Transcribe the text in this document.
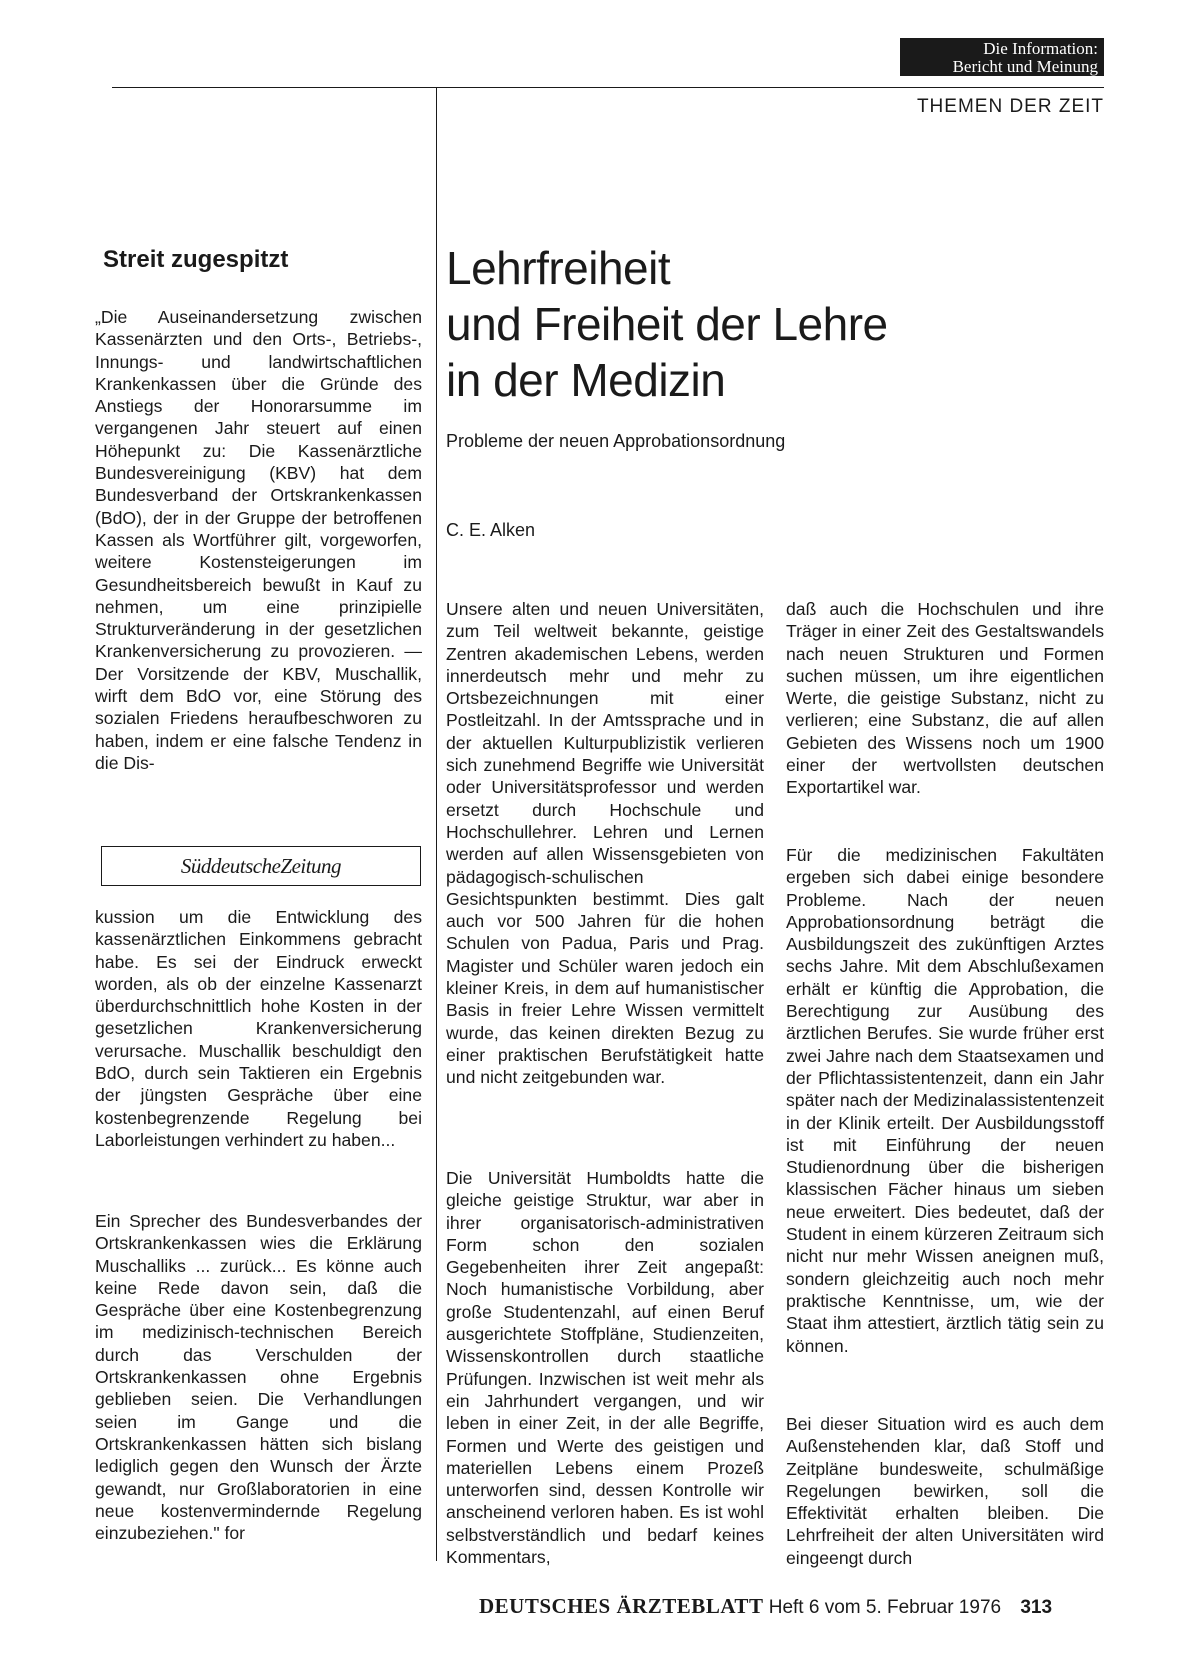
Die Information:
Bericht und Meinung
THEMEN DER ZEIT
Streit zugespitzt

„Die Auseinandersetzung zwischen Kassenärzten und den Orts-, Betriebs-, Innungs- und landwirtschaftlichen Krankenkassen über die Gründe des Anstiegs der Honorarsumme im vergangenen Jahr steuert auf einen Höhepunkt zu: Die Kassenärztliche Bundesvereinigung (KBV) hat dem Bundesverband der Ortskrankenkassen (BdO), der in der Gruppe der betroffenen Kassen als Wortführer gilt, vorgeworfen, weitere Kostensteigerungen im Gesundheitsbereich bewußt in Kauf zu nehmen, um eine prinzipielle Strukturveränderung in der gesetzlichen Krankenversicherung zu provozieren. — Der Vorsitzende der KBV, Muschallik, wirft dem BdO vor, eine Störung des sozialen Friedens heraufbeschworen zu haben, indem er eine falsche Tendenz in die Dis-

SüddeutscheZeitung

kussion um die Entwicklung des kassenärztlichen Einkommens gebracht habe. Es sei der Eindruck erweckt worden, als ob der einzelne Kassenarzt überdurchschnittlich hohe Kosten in der gesetzlichen Krankenversicherung verursache. Muschallik beschuldigt den BdO, durch sein Taktieren ein Ergebnis der jüngsten Gespräche über eine kostenbegrenzende Regelung bei Laborleistungen verhindert zu haben...

Ein Sprecher des Bundesverbandes der Ortskrankenkassen wies die Erklärung Muschalliks ... zurück... Es könne auch keine Rede davon sein, daß die Gespräche über eine Kostenbegrenzung im medizinisch-technischen Bereich durch das Verschulden der Ortskrankenkassen ohne Ergebnis geblieben seien. Die Verhandlungen seien im Gange und die Ortskrankenkassen hätten sich bislang lediglich gegen den Wunsch der Ärzte gewandt, nur Großlaboratorien in eine neue kostenvermindernde Regelung einzubeziehen." for

Lehrfreiheit
und Freiheit der Lehre
in der Medizin
Probleme der neuen Approbationsordnung
C. E. Alken

Unsere alten und neuen Universitäten, zum Teil weltweit bekannte, geistige Zentren akademischen Lebens, werden innerdeutsch mehr und mehr zu Ortsbezeichnungen mit einer Postleitzahl. In der Amtssprache und in der aktuellen Kulturpublizistik verlieren sich zunehmend Begriffe wie Universität oder Universitätsprofessor und werden ersetzt durch Hochschule und Hochschullehrer. Lehren und Lernen werden auf allen Wissensgebieten von pädagogisch-schulischen Gesichtspunkten bestimmt. Dies galt auch vor 500 Jahren für die hohen Schulen von Padua, Paris und Prag. Magister und Schüler waren jedoch ein kleiner Kreis, in dem auf humanistischer Basis in freier Lehre Wissen vermittelt wurde, das keinen direkten Bezug zu einer praktischen Berufstätigkeit hatte und nicht zeitgebunden war.

Die Universität Humboldts hatte die gleiche geistige Struktur, war aber in ihrer organisatorisch-administrativen Form schon den sozialen Gegebenheiten ihrer Zeit angepaßt: Noch humanistische Vorbildung, aber große Studentenzahl, auf einen Beruf ausgerichtete Stoffpläne, Studienzeiten, Wissenskontrollen durch staatliche Prüfungen. Inzwischen ist weit mehr als ein Jahrhundert vergangen, und wir leben in einer Zeit, in der alle Begriffe, Formen und Werte des geistigen und materiellen Lebens einem Prozeß unterworfen sind, dessen Kontrolle wir anscheinend verloren haben. Es ist wohl selbstverständlich und bedarf keines Kommentars,

daß auch die Hochschulen und ihre Träger in einer Zeit des Gestaltswandels nach neuen Strukturen und Formen suchen müssen, um ihre eigentlichen Werte, die geistige Substanz, nicht zu verlieren; eine Substanz, die auf allen Gebieten des Wissens noch um 1900 einer der wertvollsten deutschen Exportartikel war.

Für die medizinischen Fakultäten ergeben sich dabei einige besondere Probleme. Nach der neuen Approbationsordnung beträgt die Ausbildungszeit des zukünftigen Arztes sechs Jahre. Mit dem Abschlußexamen erhält er künftig die Approbation, die Berechtigung zur Ausübung des ärztlichen Berufes. Sie wurde früher erst zwei Jahre nach dem Staatsexamen und der Pflichtassistentenzeit, dann ein Jahr später nach der Medizinalassistentenzeit in der Klinik erteilt. Der Ausbildungsstoff ist mit Einführung der neuen Studienordnung über die bisherigen klassischen Fächer hinaus um sieben neue erweitert. Dies bedeutet, daß der Student in einem kürzeren Zeitraum sich nicht nur mehr Wissen aneignen muß, sondern gleichzeitig auch noch mehr praktische Kenntnisse, um, wie der Staat ihm attestiert, ärztlich tätig sein zu können.

Bei dieser Situation wird es auch dem Außenstehenden klar, daß Stoff und Zeitpläne bundesweite, schulmäßige Regelungen bewirken, soll die Effektivität erhalten bleiben. Die Lehrfreiheit der alten Universitäten wird eingeengt durch

DEUTSCHES ÄRZTEBLATT Heft 6 vom 5. Februar 1976 313
